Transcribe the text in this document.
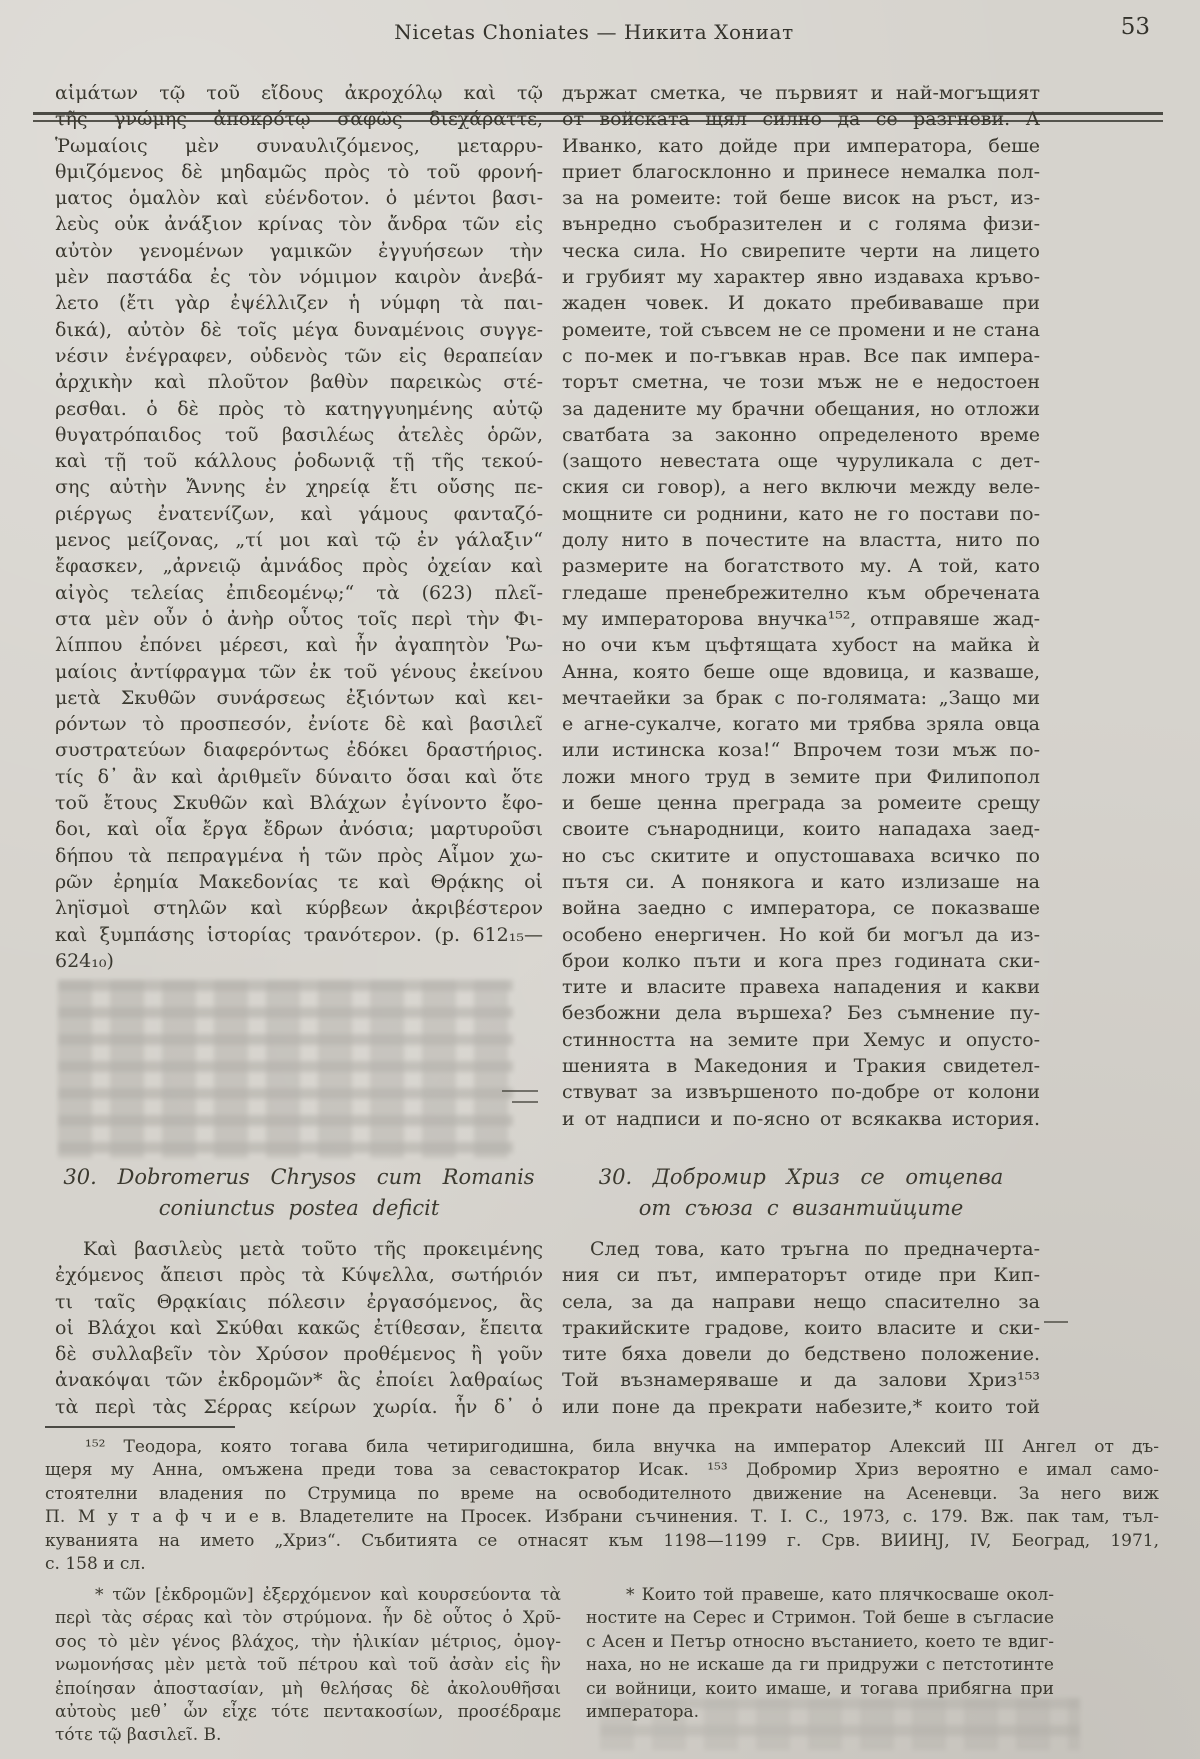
Nicetas Choniates — Никита Хониат	53
αἱμάτων τῷ τοῦ εἴδους ἀκροχόλῳ καὶ τῷ
τῆς γνώμης ἀποκρότῳ σαφῶς διεχάραττε,
Ῥωμαίοις μὲν συναυλιζόμενος, μεταρρυ-
θμιζόμενος δὲ μηδαμῶς πρὸς τὸ τοῦ φρονή-
ματος ὁμαλὸν καὶ εὐένδοτον. ὁ μέντοι βασι-
λεὺς οὐκ ἀνάξιον κρίνας τὸν ἄνδρα τῶν εἰς
αὐτὸν γενομένων γαμικῶν ἐγγυήσεων τὴν
μὲν παστάδα ἐς τὸν νόμιμον καιρὸν ἀνεβά-
λετο (ἔτι γὰρ ἐψέλλιζεν ἡ νύμφη τὰ παι-
δικά), αὐτὸν δὲ τοῖς μέγα δυναμένοις συγγε-
νέσιν ἐνέγραφεν, οὐδενὸς τῶν εἰς θεραπείαν
ἀρχικὴν καὶ πλοῦτον βαθὺν παρεικὼς στέ-
ρεσθαι. ὁ δὲ πρὸς τὸ κατηγγυημένης αὐτῷ
θυγατρόπαιδος τοῦ βασιλέως ἀτελὲς ὁρῶν,
καὶ τῇ τοῦ κάλλους ῥοδωνιᾷ τῇ τῆς τεκού-
σης αὐτὴν Ἄννης ἐν χηρείᾳ ἔτι οὔσης πε-
ριέργως ἐνατενίζων, καὶ γάμους φανταζό-
μενος μείζονας, „τί μοι καὶ τῷ ἐν γάλαξιν“
ἔφασκεν, „ἀρνειῷ ἀμνάδος πρὸς ὀχείαν καὶ
αἰγὸς τελείας ἐπιδεομένῳ;“ τὰ (623) πλεῖ-
στα μὲν οὖν ὁ ἀνὴρ οὗτος τοῖς περὶ τὴν Φι-
λίππου ἐπόνει μέρεσι, καὶ ἦν ἀγαπητὸν Ῥω-
μαίοις ἀντίφραγμα τῶν ἐκ τοῦ γένους ἐκείνου
μετὰ Σκυθῶν συνάρσεως ἐξιόντων καὶ κει-
ρόντων τὸ προσπεσόν, ἐνίοτε δὲ καὶ βασιλεῖ
συστρατεύων διαφερόντως ἐδόκει δραστήριος.
τίς δ᾽ ἂν καὶ ἀριθμεῖν δύναιτο ὅσαι καὶ ὅτε
τοῦ ἔτους Σκυθῶν καὶ Βλάχων ἐγίνοντο ἔφο-
δοι, καὶ οἷα ἔργα ἔδρων ἀνόσια; μαρτυροῦσι
δήπου τὰ πεπραγμένα ἡ τῶν πρὸς Αἷμον χω-
ρῶν ἐρημία Μακεδονίας τε καὶ Θρᾴκης οἱ
ληϊσμοὶ στηλῶν καὶ κύρβεων ἀκριβέστερον
καὶ ξυμπάσης ἱστορίας τρανότερον. (p. 612₁₅—
624₁₀)
държат сметка, че първият и най-могъщият
от войската щял силно да се разгневи. А
Иванко, като дойде при императора, беше
приет благосклонно и принесе немалка пол-
за на ромеите: той беше висок на ръст, из-
вънредно съобразителен и с голяма физи-
ческа сила. Но свирепите черти на лицето
и грубият му характер явно издаваха кръво-
жаден човек. И докато пребиваваше при
ромеите, той съвсем не се промени и не стана
с по-мек и по-гъвкав нрав. Все пак импера-
торът сметна, че този мъж не е недостоен
за дадените му брачни обещания, но отложи
сватбата за законно определеното време
(защото невестата още чуруликала с дет-
ския си говор), а него включи между веле-
мощните си роднини, като не го постави по-
долу нито в почестите на властта, нито по
размерите на богатството му. А той, като
гледаше пренебрежително към обречената
му императорова внучка¹⁵², отправяше жад-
но очи към цъфтящата хубост на майка ѝ
Анна, която беше още вдовица, и казваше,
мечтаейки за брак с по-голямата: „Защо ми
е агне-сукалче, когато ми трябва зряла овца
или истинска коза!“ Впрочем този мъж по-
ложи много труд в земите при Филипопол
и беше ценна преграда за ромеите срещу
своите сънародници, които нападаха заед-
но със скитите и опустошаваха всичко по
пътя си. А понякога и като излизаше на
война заедно с императора, се показваше
особено енергичен. Но кой би могъл да из-
брои колко пъти и кога през годината ски-
тите и власите правеха нападения и какви
безбожни дела вършеха? Без съмнение пу-
стинността на земите при Хемус и опусто-
шенията в Македония и Тракия свидетел-
ствуват за извършеното по-добре от колони
и от надписи и по-ясно от всякаква история.
30. Dobromerus Chrysos cum Romanis
coniunctus postea deficit
30. Добромир Хриз се отцепва
от съюза с византийците
Καὶ βασιλεὺς μετὰ τοῦτο τῆς προκειμένης
ἐχόμενος ἄπεισι πρὸς τὰ Κύψελλα, σωτήριόν
τι ταῖς Θρᾳκίαις πόλεσιν ἐργασόμενος, ἃς
οἱ Βλάχοι καὶ Σκύθαι κακῶς ἐτίθεσαν, ἔπειτα
δὲ συλλαβεῖν τὸν Χρύσον προθέμενος ἢ γοῦν
ἀνακόψαι τῶν ἐκδρομῶν* ἃς ἐποίει λαθραίως
τὰ περὶ τὰς Σέρρας κείρων χωρία. ἦν δ᾽ ὁ
След това, като тръгна по предначерта-
ния си път, императорът отиде при Кип-
села, за да направи нещо спасително за
тракийските градове, които власите и ски-
тите бяха довели до бедствено положение.
Той възнамеряваше и да залови Хриз¹⁵³
или поне да прекрати набезите,* които той
¹⁵² Теодора, която тогава била четиригодишна, била внучка на император Алексий III Ангел от дъ-
щеря му Анна, омъжена преди това за севастократор Исак. ¹⁵³ Добромир Хриз вероятно е имал само-
стоятелни владения по Струмица по време на освободителното движение на Асеневци. За него виж
П. М у т а ф ч и е в. Владетелите на Просек. Избрани съчинения. Т. I. С., 1973, с. 179. Вж. пак там, тъл-
куванията на името „Хриз“. Събитията се отнасят към 1198—1199 г. Срв. ВИИНЈ, IV, Београд, 1971,
с. 158 и сл.
* τῶν [ἐκδρομῶν] ἐξερχόμενον καὶ κουρσεύοντα τὰ
περὶ τὰς σέρας καὶ τὸν στρύμονα. ἦν δὲ οὗτος ὁ Χρῦ-
σος τὸ μὲν γένος βλάχος, τὴν ἡλικίαν μέτριος, ὁμογ-
νωμονήσας μὲν μετὰ τοῦ πέτρου καὶ τοῦ ἀσὰν εἰς ἣν
ἐποίησαν ἀποστασίαν, μὴ θελήσας δὲ ἀκολουθῆσαι
αὐτοὺς μεθ᾽ ὧν εἶχε τότε πεντακοσίων, προσέδραμε
τότε τῷ βασιλεῖ. Β.
* Които той правеше, като плячкосваше окол-
ностите на Серес и Стримон. Той беше в съгласие
с Асен и Петър относно въстанието, което те вдиг-
наха, но не искаше да ги придружи с петстотинте
си войници, които имаше, и тогава прибягна при
императора.
